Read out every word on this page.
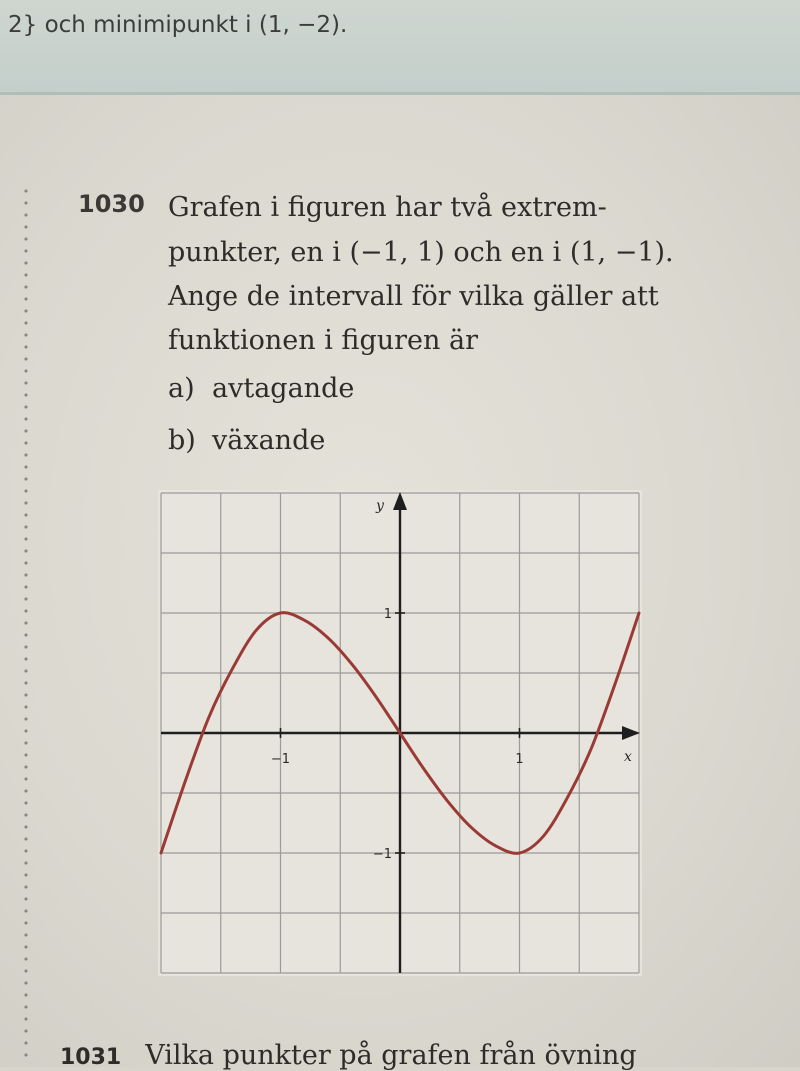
2} och minimipunkt i (1, −2).
1030 Grafen i figuren har två extrem-
punkter, en i (−1, 1) och en i (1, −1).
Ange de intervall för vilka gäller att
funktionen i figuren är
a) avtagande
b) växande
−1	1
1
−1
x
y
1031 Vilka punkter på grafen från övning
